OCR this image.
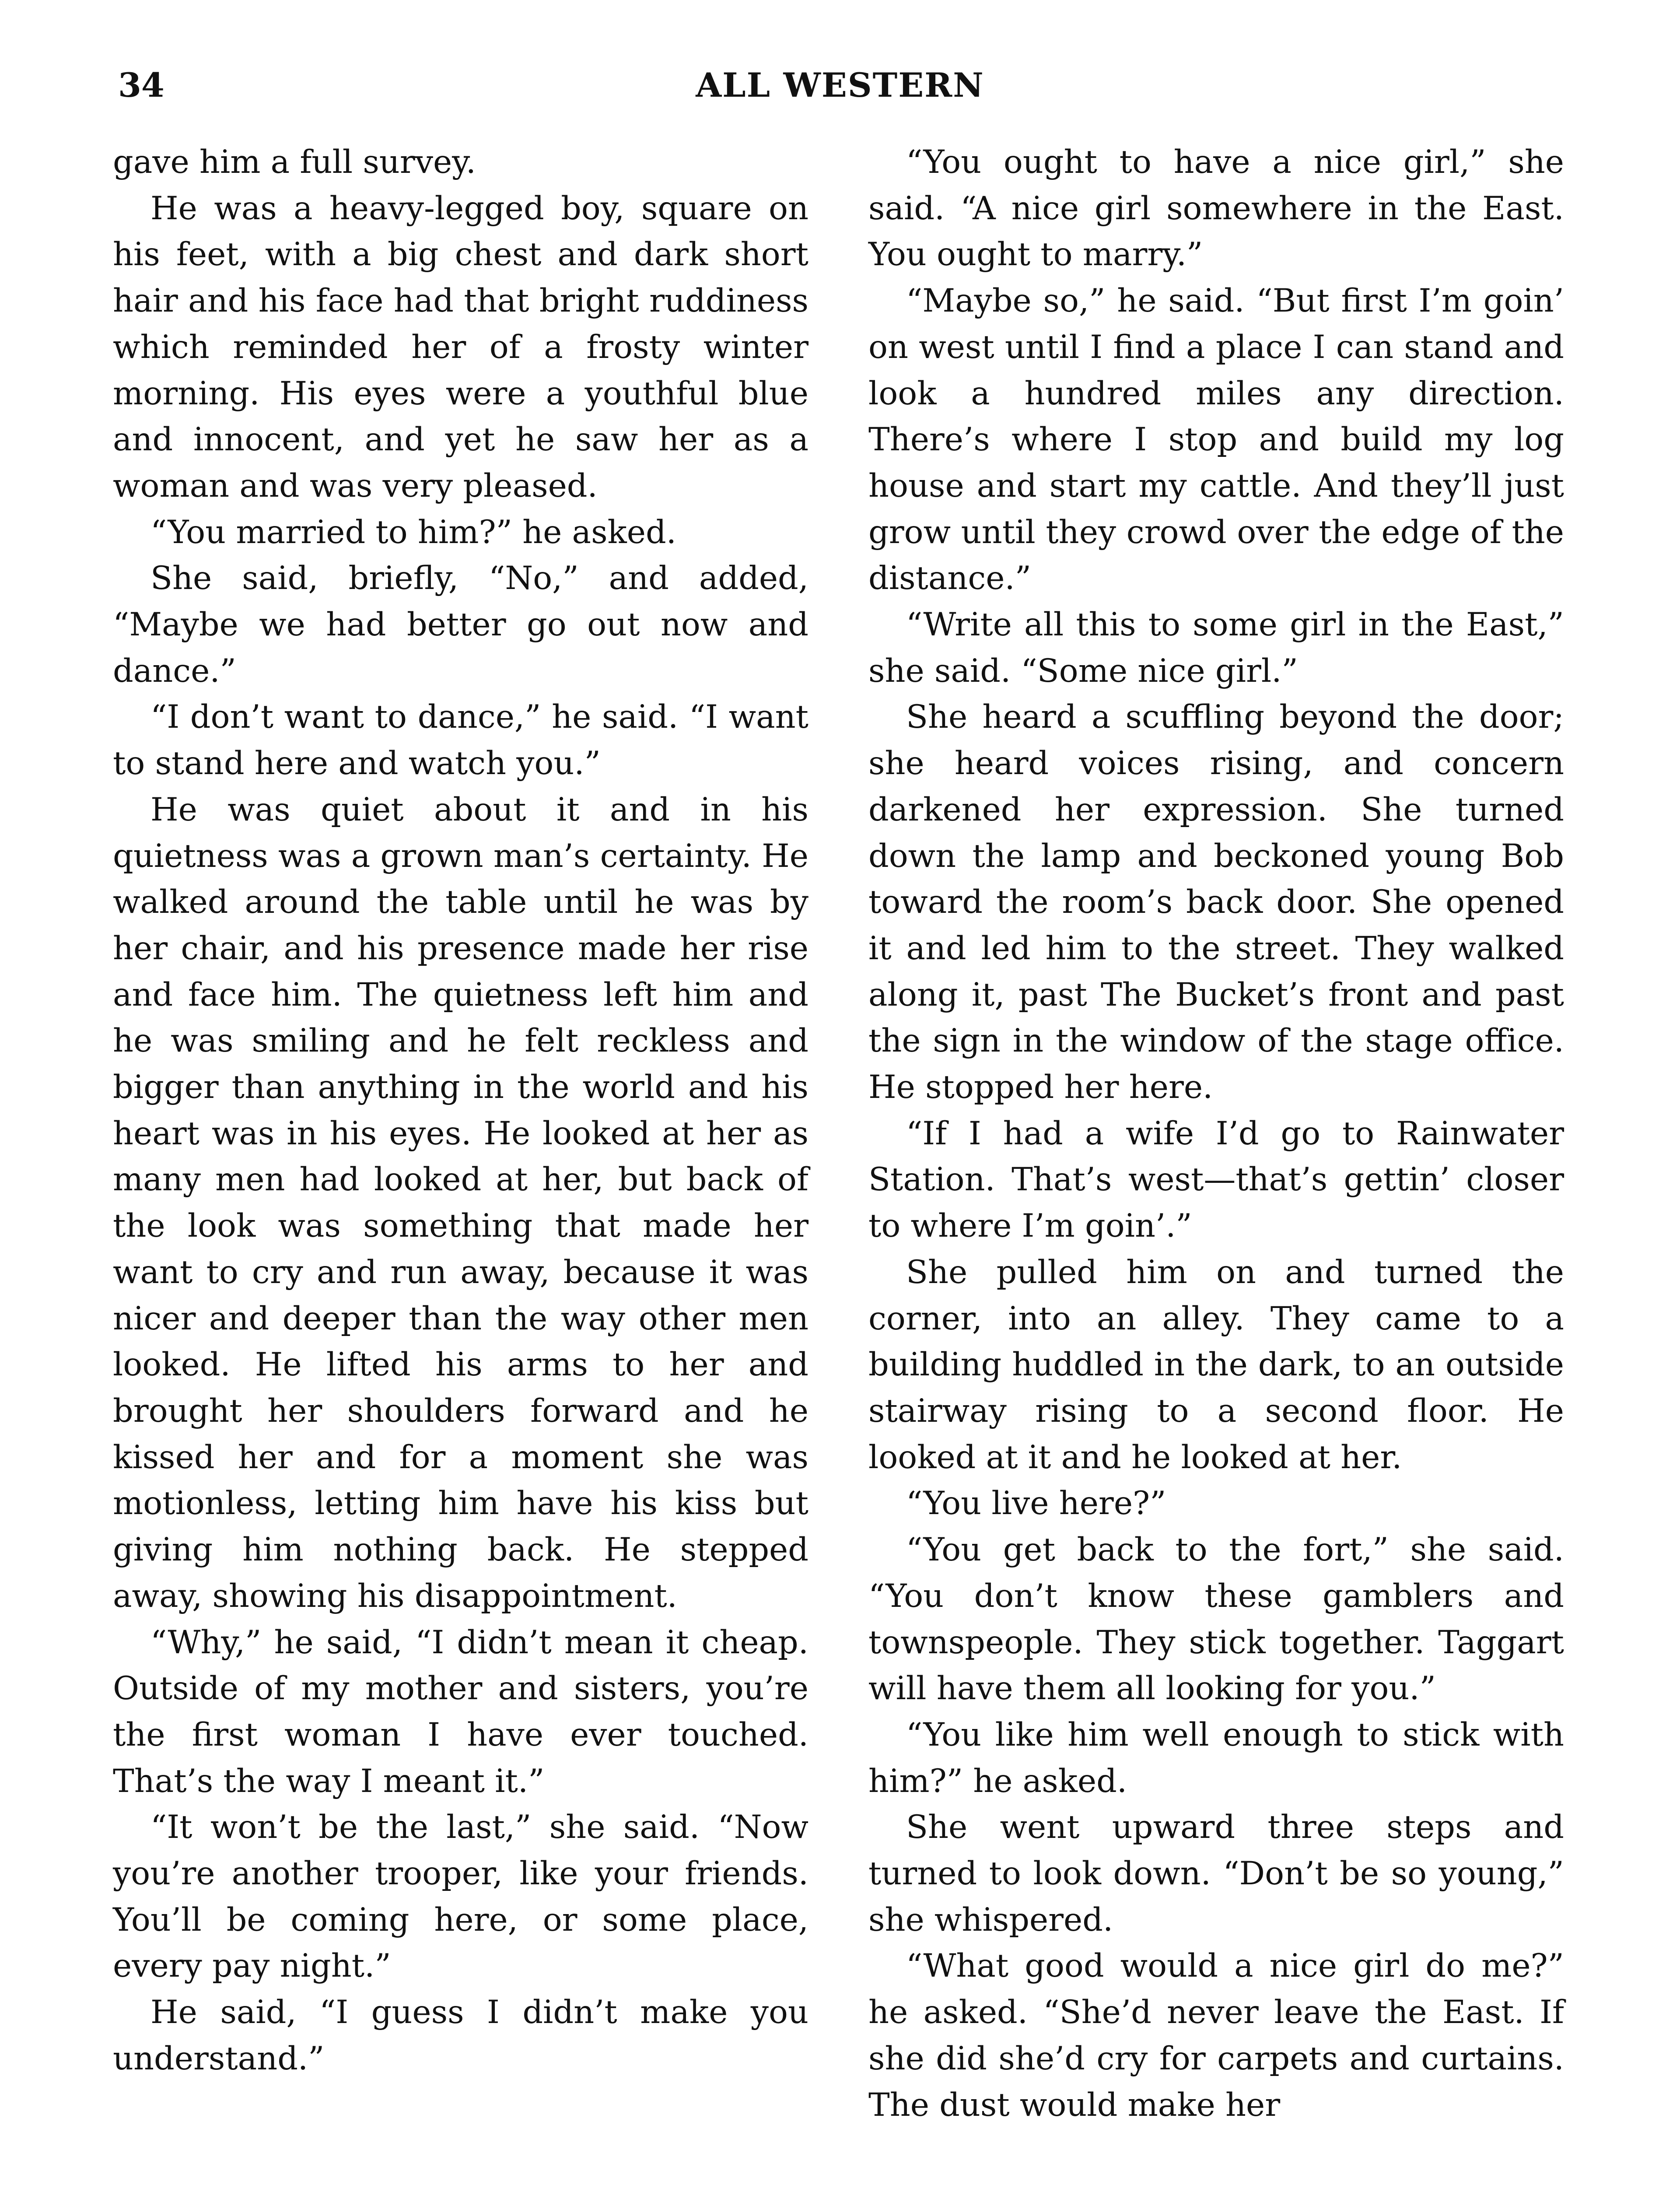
34	ALL WESTERN

gave him a full survey.

He was a heavy-legged boy, square on his feet, with a big chest and dark short hair and his face had that bright ruddiness which reminded her of a frosty winter morning. His eyes were a youthful blue and innocent, and yet he saw her as a woman and was very pleased.

“You married to him?” he asked.

She said, briefly, “No,” and added, “Maybe we had better go out now and dance.”

“I don’t want to dance,” he said. “I want to stand here and watch you.”

He was quiet about it and in his quietness was a grown man’s certainty. He walked around the table until he was by her chair, and his presence made her rise and face him. The quietness left him and he was smiling and he felt reckless and bigger than anything in the world and his heart was in his eyes. He looked at her as many men had looked at her, but back of the look was something that made her want to cry and run away, because it was nicer and deeper than the way other men looked. He lifted his arms to her and brought her shoulders forward and he kissed her and for a moment she was motionless, letting him have his kiss but giving him nothing back. He stepped away, showing his disappointment.

“Why,” he said, “I didn’t mean it cheap. Outside of my mother and sisters, you’re the first woman I have ever touched. That’s the way I meant it.”

“It won’t be the last,” she said. “Now you’re another trooper, like your friends. You’ll be coming here, or some place, every pay night.”

He said, “I guess I didn’t make you understand.”

“You ought to have a nice girl,” she said. “A nice girl somewhere in the East. You ought to marry.”

“Maybe so,” he said. “But first I’m goin’ on west until I find a place I can stand and look a hundred miles any direction. There’s where I stop and build my log house and start my cattle. And they’ll just grow until they crowd over the edge of the distance.”

“Write all this to some girl in the East,” she said. “Some nice girl.”

She heard a scuffling beyond the door; she heard voices rising, and concern darkened her expression. She turned down the lamp and beckoned young Bob toward the room’s back door. She opened it and led him to the street. They walked along it, past The Bucket’s front and past the sign in the window of the stage office. He stopped her here.

“If I had a wife I’d go to Rainwater Station. That’s west—that’s gettin’ closer to where I’m goin’.”

She pulled him on and turned the corner, into an alley. They came to a building huddled in the dark, to an outside stairway rising to a second floor. He looked at it and he looked at her.

“You live here?”

“You get back to the fort,” she said. “You don’t know these gamblers and townspeople. They stick together. Taggart will have them all looking for you.”

“You like him well enough to stick with him?” he asked.

She went upward three steps and turned to look down. “Don’t be so young,” she whispered.

“What good would a nice girl do me?” he asked. “She’d never leave the East. If she did she’d cry for carpets and curtains. The dust would make her
